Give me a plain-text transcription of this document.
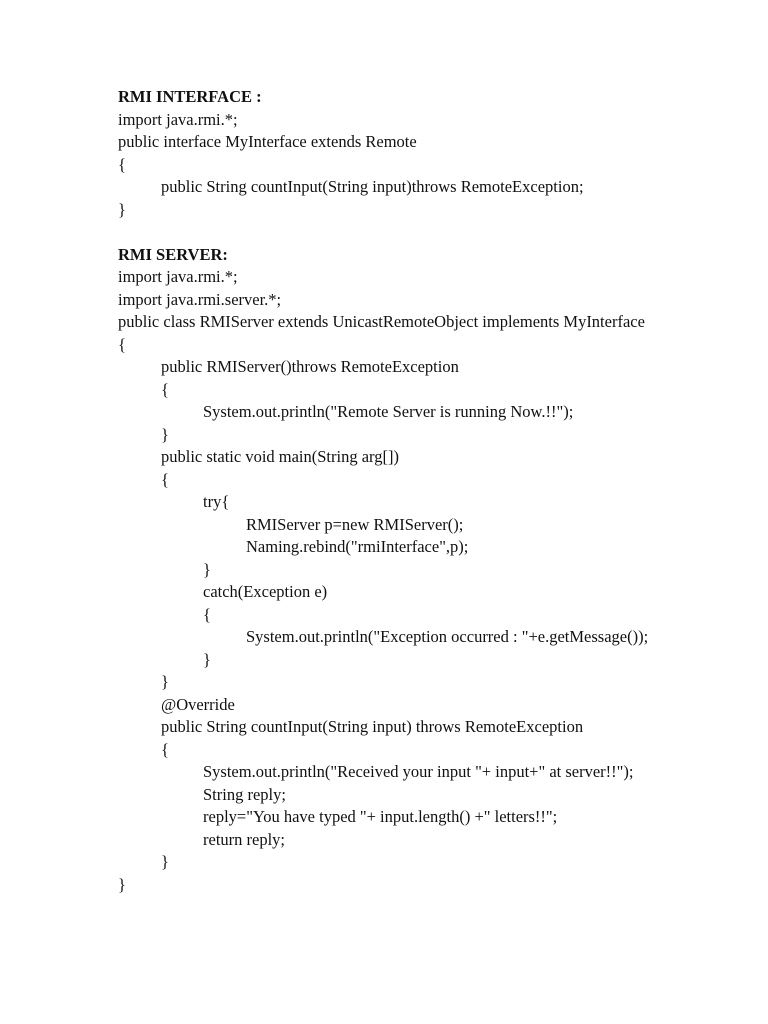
RMI INTERFACE :
import java.rmi.*;
public interface MyInterface extends Remote
{
public String countInput(String input)throws RemoteException;
}
RMI SERVER:
import java.rmi.*;
import java.rmi.server.*;
public class RMIServer extends UnicastRemoteObject implements MyInterface
{
public RMIServer()throws RemoteException
{
System.out.println("Remote Server is running Now.!!");
}
public static void main(String arg[])
{
try{
RMIServer p=new RMIServer();
Naming.rebind("rmiInterface",p);
}
catch(Exception e)
{
System.out.println("Exception occurred : "+e.getMessage());
}
}
@Override
public String countInput(String input) throws RemoteException
{
System.out.println("Received your input "+ input+" at server!!");
String reply;
reply="You have typed "+ input.length() +" letters!!";
return reply;
}
}
